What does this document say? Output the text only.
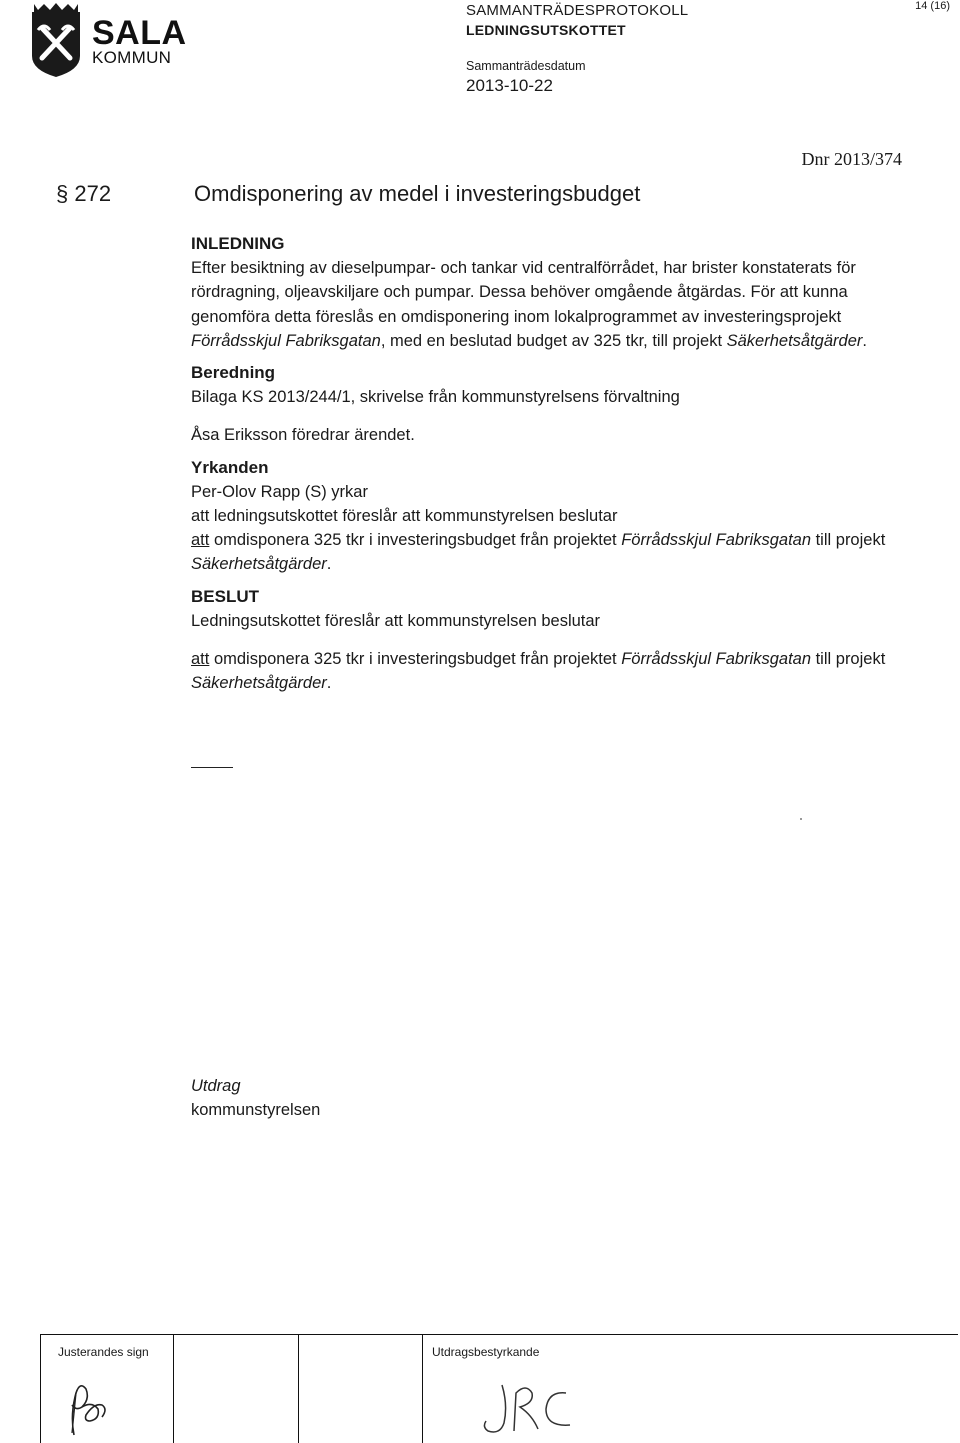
SALA
KOMMUN
SAMMANTRÄDESPROTOKOLL
LEDNINGSUTSKOTTET
Sammanträdesdatum
2013-10-22
14 (16)
Dnr 2013/374
§ 272	Omdisponering av medel i investeringsbudget

INLEDNING

Efter besiktning av dieselpumpar- och tankar vid centralförrådet, har brister konstaterats för rördragning, oljeavskiljare och pumpar. Dessa behöver omgående åtgärdas. För att kunna genomföra detta föreslås en omdisponering inom lokalprogrammet av investeringsprojekt Förrådsskjul Fabriksgatan, med en beslutad budget av 325 tkr, till projekt Säkerhetsåtgärder.

Beredning

Bilaga KS 2013/244/1, skrivelse från kommunstyrelsens förvaltning

Åsa Eriksson föredrar ärendet.

Yrkanden

Per-Olov Rapp (S) yrkar

att ledningsutskottet föreslår att kommunstyrelsen beslutar

att omdisponera 325 tkr i investeringsbudget från projektet Förrådsskjul Fabriksgatan till projekt Säkerhetsåtgärder.

BESLUT

Ledningsutskottet föreslår att kommunstyrelsen beslutar

att omdisponera 325 tkr i investeringsbudget från projektet Förrådsskjul Fabriksgatan till projekt Säkerhetsåtgärder.

Utdrag
kommunstyrelsen
Justerandes sign	Utdragsbestyrkande
